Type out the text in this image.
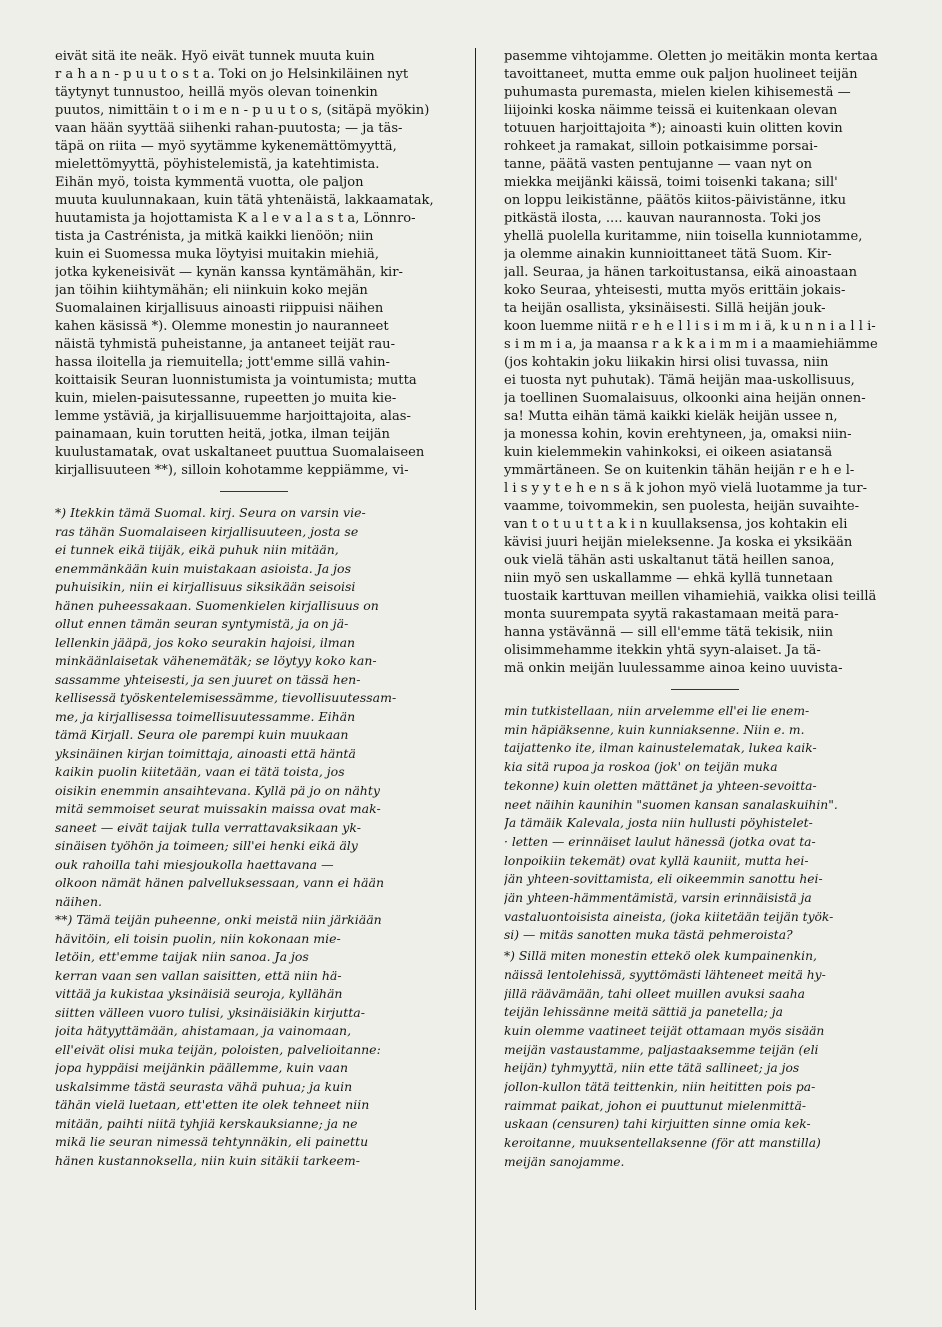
eivät sitä ite neäk. Hyö eivät tunnek muuta kuin

r a h a n - p u u t o s t a. Toki on jo Helsinkiläinen nyt

täytynyt tunnustoo, heillä myös olevan toinenkin

puutos, nimittäin t o i m e n - p u u t o s, (sitäpä myökin)

vaan hään syyttää siihenki rahan-puutosta; — ja täs-

täpä on riita — myö syytämme kykenemättömyyttä,

mielettömyyttä, pöyhistelemistä, ja katehtimista.

Eihän myö, toista kymmentä vuotta, ole paljon

muuta kuulunnakaan, kuin tätä yhtenäistä, lakkaamatak,

huutamista ja hojottamista K a l e v a l a s t a, Lönnro-

tista ja Castrénista, ja mitkä kaikki lienöön; niin

kuin ei Suomessa muka löytyisi muitakin miehiä,

jotka kykeneisivät — kynän kanssa kyntämähän, kir-

jan töihin kiihtymähän; eli niinkuin koko mejän

Suomalainen kirjallisuus ainoasti riippuisi näihen

kahen käsissä *). Olemme monestin jo nauranneet

näistä tyhmistä puheistanne, ja antaneet teijät rau-

hassa iloitella ja riemuitella; jott'emme sillä vahin-

koittaisik Seuran luonnistumista ja vointumista; mutta

kuin, mielen-paisutessanne, rupeetten jo muita kie-

lemme ystäviä, ja kirjallisuuemme harjoittajoita, alas-

painamaan, kuin torutten heitä, jotka, ilman teijän

kuulustamatak, ovat uskaltaneet puuttua Suomalaiseen

kirjallisuuteen **), silloin kohotamme keppiämme, vi-

*) Itekkin tämä Suomal. kirj. Seura on varsin vie-

ras tähän Suomalaiseen kirjallisuuteen, josta se

ei tunnek eikä tiijäk, eikä puhuk niin mitään,

enemmänkään kuin muistakaan asioista. Ja jos

puhuisikin, niin ei kirjallisuus siksikään seisoisi

hänen puheessakaan. Suomenkielen kirjallisuus on

ollut ennen tämän seuran syntymistä, ja on jä-

lellenkin jääpä, jos koko seurakin hajoisi, ilman

minkäänlaisetak vähenemätäk; se löytyy koko kan-

sassamme yhteisesti, ja sen juuret on tässä hen-

kellisessä työskentelemisessämme, tievollisuutessam-

me, ja kirjallisessa toimellisuutessamme. Eihän

tämä Kirjall. Seura ole parempi kuin muukaan

yksinäinen kirjan toimittaja, ainoasti että häntä

kaikin puolin kiitetään, vaan ei tätä toista, jos

oisikin enemmin ansaihtevana. Kyllä pä jo on nähty

mitä semmoiset seurat muissakin maissa ovat mak-

saneet — eivät taijak tulla verrattavaksikaan yk-

sinäisen työhön ja toimeen; sill'ei henki eikä äly

ouk rahoilla tahi miesjoukolla haettavana —

olkoon nämät hänen palvelluksessaan, vann ei hään

näihen.

**) Tämä teijän puheenne, onki meistä niin järkiään

hävitöin, eli toisin puolin, niin kokonaan mie-

letöin, ett'emme taijak niin sanoa. Ja jos

kerran vaan sen vallan saisitten, että niin hä-

vittää ja kukistaa yksinäisiä seuroja, kyllähän

siitten välleen vuoro tulisi, yksinäisiäkin kirjutta-

joita hätyyttämään, ahistamaan, ja vainomaan,

ell'eivät olisi muka teijän, poloisten, palvelioitanne:

jopa hyppäisi meijänkin päällemme, kuin vaan

uskalsimme tästä seurasta vähä puhua; ja kuin

tähän vielä luetaan, ett'etten ite olek tehneet niin

mitään, paihti niitä tyhjiä kerskauksianne; ja ne

mikä lie seuran nimessä tehtynnäkin, eli painettu

hänen kustannoksella, niin kuin sitäkii tarkeem-

pasemme vihtojamme. Oletten jo meitäkin monta kertaa

tavoittaneet, mutta emme ouk paljon huolineet teijän

puhumasta puremasta, mielen kielen kihisemestä —

liijoinki koska näimme teissä ei kuitenkaan olevan

totuuen harjoittajoita *); ainoasti kuin olitten kovin

rohkeet ja ramakat, silloin potkaisimme porsai-

tanne, päätä vasten pentujanne — vaan nyt on

miekka meijänki käissä, toimi toisenki takana; sill'

on loppu leikistänne, päätös kiitos-päivistänne, itku

pitkästä ilosta, .... kauvan naurannosta. Toki jos

yhellä puolella kuritamme, niin toisella kunniotamme,

ja olemme ainakin kunnioittaneet tätä Suom. Kir-

jall. Seuraa, ja hänen tarkoitustansa, eikä ainoastaan

koko Seuraa, yhteisesti, mutta myös erittäin jokais-

ta heijän osallista, yksinäisesti. Sillä heijän jouk-

koon luemme niitä r e h e l l i s i m m i ä, k u n n i a l l i-

s i m m i a, ja maansa r a k k a i m m i a maamiehiämme

(jos kohtakin joku liikakin hirsi olisi tuvassa, niin

ei tuosta nyt puhutak). Tämä heijän maa-uskollisuus,

ja toellinen Suomalaisuus, olkoonki aina heijän onnen-

sa! Mutta eihän tämä kaikki kieläk heijän ussee n,

ja monessa kohin, kovin erehtyneen, ja, omaksi niin-

kuin kielemmekin vahinkoksi, ei oikeen asiatansä

ymmärtäneen. Se on kuitenkin tähän heijän r e h e l-

l i s y y t e h e n s ä k johon myö vielä luotamme ja tur-

vaamme, toivommekin, sen puolesta, heijän suvaihte-

van t o t u u t t a k i n kuullaksensa, jos kohtakin eli

kävisi juuri heijän mieleksenne. Ja koska ei yksikään

ouk vielä tähän asti uskaltanut tätä heillen sanoa,

niin myö sen uskallamme — ehkä kyllä tunnetaan

tuostaik karttuvan meillen vihamiehiä, vaikka olisi teillä

monta suurempata syytä rakastamaan meitä para-

hanna ystävännä — sill ell'emme tätä tekisik, niin

olisimmehamme itekkin yhtä syyn-alaiset. Ja tä-

mä onkin meijän luulessamme ainoa keino uuvista-

min tutkistellaan, niin arvelemme ell'ei lie enem-

min häpiäksenne, kuin kunniaksenne. Niin e. m.

taijattenko ite, ilman kainustelematak, lukea kaik-

kia sitä rupoa ja roskoa (jok' on teijän muka

tekonne) kuin oletten mättänet ja yhteen-sevoitta-

neet näihin kaunihin "suomen kansan sanalaskuihin".

Ja tämäik Kalevala, josta niin hullusti pöyhistelet-

· letten — erinnäiset laulut hänessä (jotka ovat ta-

lonpoikiin tekemät) ovat kyllä kauniit, mutta hei-

jän yhteen-sovittamista, eli oikeemmin sanottu hei-

jän yhteen-hämmentämistä, varsin erinnäisistä ja

vastaluontoisista aineista, (joka kiitetään teijän työk-

si) — mitäs sanotten muka tästä pehmeroista?

*) Sillä miten monestin ettekö olek kumpainenkin,

näissä lentolehissä, syyttömästi lähteneet meitä hy-

jillä räävämään, tahi olleet muillen avuksi saaha

teijän lehissänne meitä sättiä ja panetella; ja

kuin olemme vaatineet teijät ottamaan myös sisään

meijän vastaustamme, paljastaaksemme teijän (eli

heijän) tyhmyyttä, niin ette tätä sallineet; ja jos

jollon-kullon tätä teittenkin, niin heititten pois pa-

raimmat paikat, johon ei puuttunut mielenmittä-

uskaan (censuren) tahi kirjuitten sinne omia kek-

keroitanne, muuksentellaksenne (för att manstilla)

meijän sanojamme.
